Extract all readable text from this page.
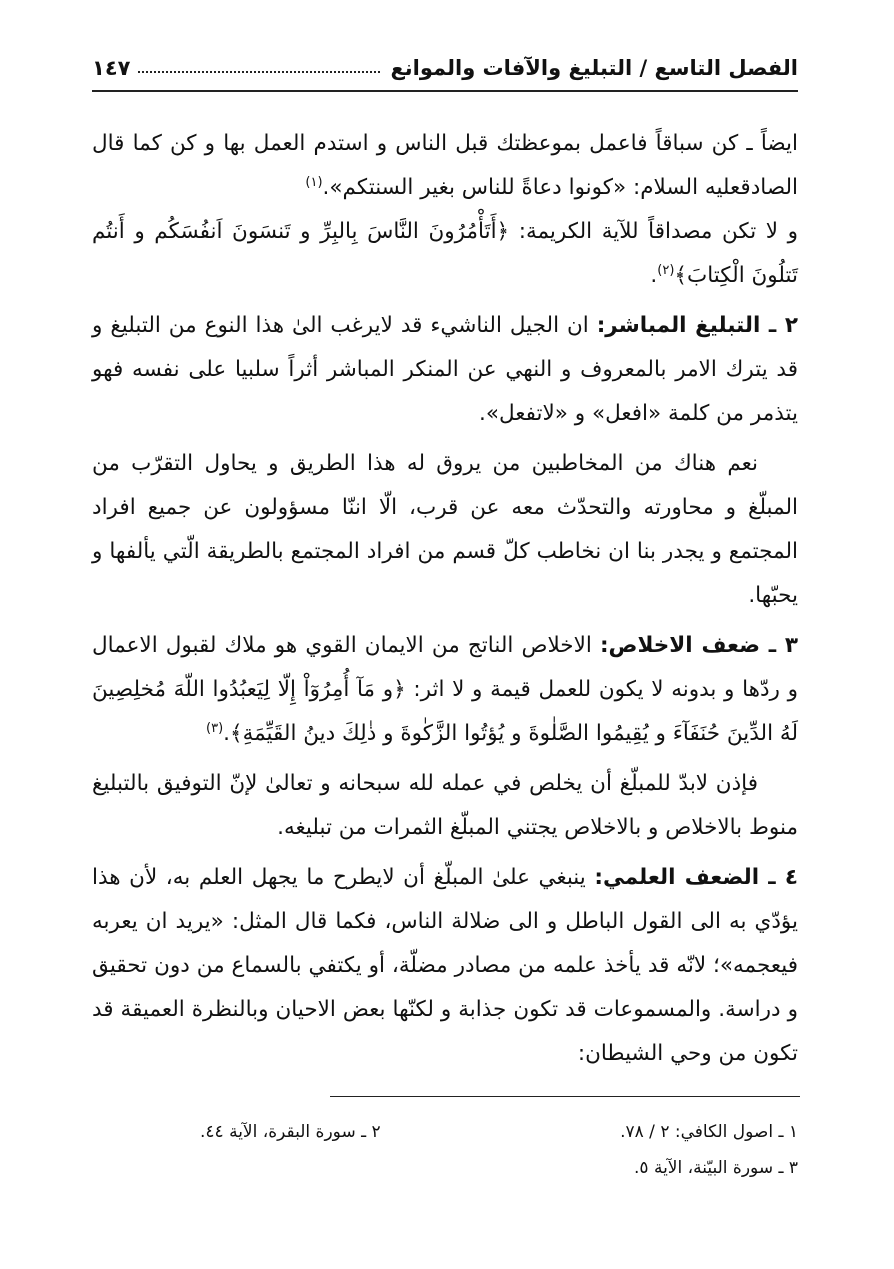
الفصل التاسع / التبليغ والآفات والموانع
١٤٧

ايضاً ـ كن سباقاً فاعمل بموعظتك قبل الناس و استدم العمل بها و كن كما قال الصادقعليه السلام: «كونوا دعاةً للناس بغير السنتكم».$^{(١)}$

و لا تكن مصداقاً للآية الكريمة: ﴿أَتَأْمُرُونَ النَّاسَ بِالبِرِّ و تَنسَونَ اَنفُسَكُم و أَنتُم تَتلُونَ الْكِتابَ﴾$^{(٢)}$.

٢ ـ التبليغ المباشر: ان الجيل الناشيء قد لايرغب الىٰ هذا النوع من التبليغ و قد يترك الامر بالمعروف و النهي عن المنكر المباشر أثراً سلبيا على نفسه فهو يتذمر من كلمة «افعل» و «لاتفعل».

نعم هناك من المخاطبين من يروق له هذا الطريق و يحاول التقرّب من المبلّغ و محاورته والتحدّث معه عن قرب، الّا اننّا مسؤولون عن جميع افراد المجتمع و يجدر بنا ان نخاطب كلّ قسم من افراد المجتمع بالطريقة الّتي يألفها و يحبّها.

٣ ـ ضعف الاخلاص: الاخلاص الناتج من الايمان القوي هو ملاك لقبول الاعمال و ردّها و بدونه لا يكون للعمل قيمة و لا اثر: ﴿و مَآ أُمِرُوٓاْ إِلّا لِيَعبُدُوا اللّهَ مُخلِصِينَ لَهُ الدِّينَ حُنَفَآءَ و يُقِيمُوا الصَّلٰوةَ و يُؤتُوا الزَّكٰوةَ و ذٰلِكَ دينُ القَيِّمَةِ﴾.$^{(٣)}$

فإذن لابدّ للمبلّغ أن يخلص في عمله لله سبحانه و تعالىٰ لإنّ التوفيق بالتبليغ منوط بالاخلاص و بالاخلاص يجتني المبلّغ الثمرات من تبليغه.

٤ ـ الضعف العلمي: ينبغي علىٰ المبلّغ أن لايطرح ما يجهل العلم به، لأن هذا يؤدّي به الى القول الباطل و الى ضلالة الناس، فكما قال المثل: «يريد ان يعربه فيعجمه»؛ لانّه قد يأخذ علمه من مصادر مضلّة، أو يكتفي بالسماع من دون تحقيق و دراسة. والمسموعات قد تكون جذابة و لكنّها بعض الاحيان وبالنظرة العميقة قد تكون من وحي الشيطان:

١ ـ اصول الكافي: ٢ / ٧٨.
٢ ـ سورة البقرة، الآية ٤٤.
٣ ـ سورة البيّنة، الآية ٥.
